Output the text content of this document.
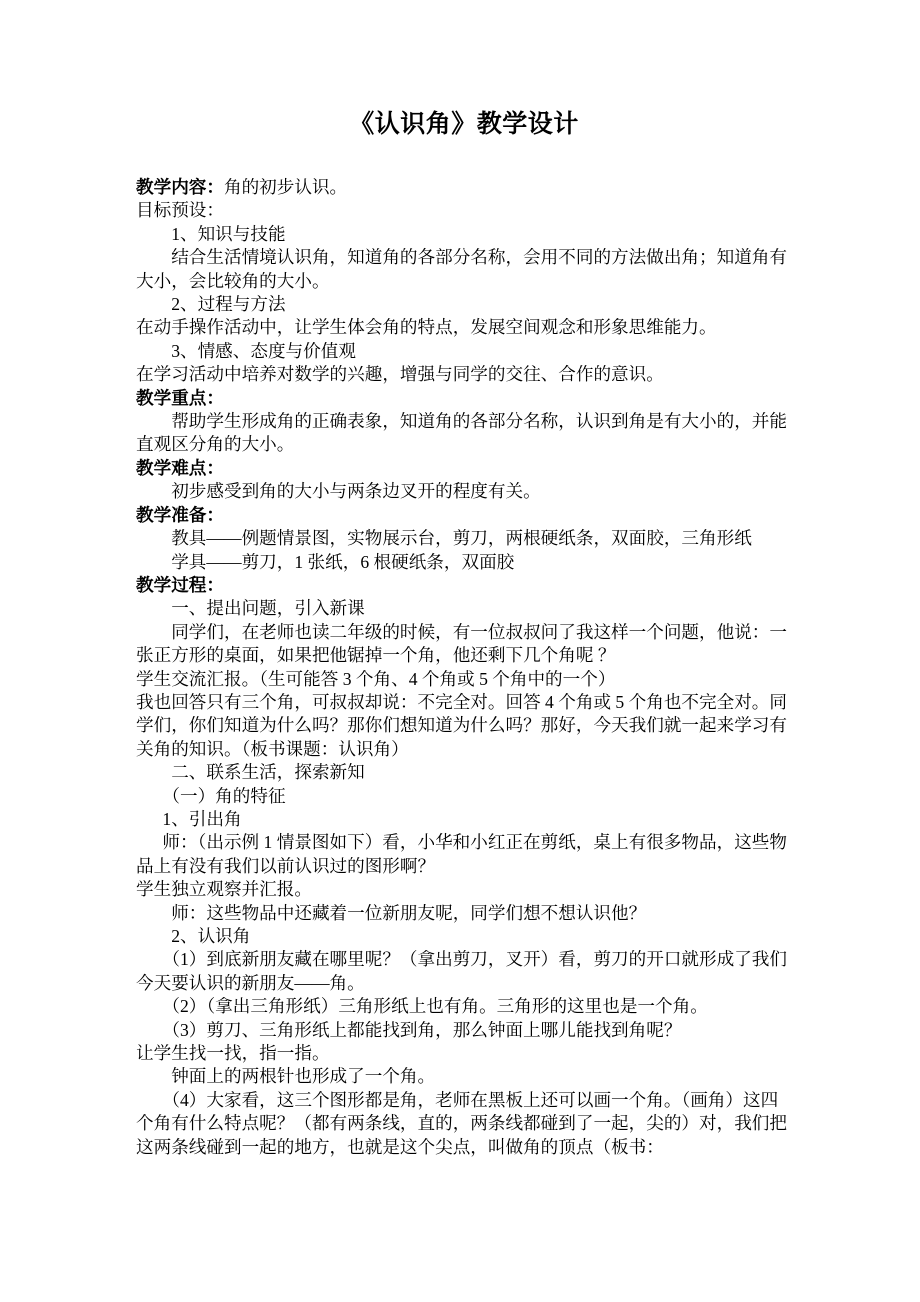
《认识角》教学设计

教学内容：角的初步认识。

目标预设：

1、知识与技能

结合生活情境认识角，知道角的各部分名称，会用不同的方法做出角；知道角有大小，会比较角的大小。

2、过程与方法

在动手操作活动中，让学生体会角的特点，发展空间观念和形象思维能力。

3、情感、态度与价值观

在学习活动中培养对数学的兴趣，增强与同学的交往、合作的意识。

教学重点：

帮助学生形成角的正确表象，知道角的各部分名称，认识到角是有大小的，并能直观区分角的大小。

教学难点：

初步感受到角的大小与两条边叉开的程度有关。

教学准备：

教具——例题情景图，实物展示台，剪刀，两根硬纸条，双面胶，三角形纸

学具——剪刀，1 张纸，6 根硬纸条，双面胶

教学过程：

一、提出问题，引入新课

同学们，在老师也读二年级的时候，有一位叔叔问了我这样一个问题，他说：一张正方形的桌面，如果把他锯掉一个角，他还剩下几个角呢 ？

学生交流汇报。（生可能答 3 个角、4 个角或 5 个角中的一个）

我也回答只有三个角，可叔叔却说：不完全对。回答 4 个角或 5 个角也不完全对。同学们，你们知道为什么吗？那你们想知道为什么吗？那好，今天我们就一起来学习有关角的知识。（板书课题：认识角）

二、联系生活，探索新知

（一）角的特征

1、引出角

师：（出示例 1 情景图如下）看，小华和小红正在剪纸，桌上有很多物品，这些物品上有没有我们以前认识过的图形啊？

学生独立观察并汇报。

师：这些物品中还藏着一位新朋友呢，同学们想不想认识他？

2、认识角

（1）到底新朋友藏在哪里呢？（拿出剪刀，叉开）看，剪刀的开口就形成了我们今天要认识的新朋友——角。

（2）（拿出三角形纸）三角形纸上也有角。三角形的这里也是一个角。

（3）剪刀、三角形纸上都能找到角，那么钟面上哪儿能找到角呢？

让学生找一找，指一指。

钟面上的两根针也形成了一个角。

（4）大家看，这三个图形都是角，老师在黑板上还可以画一个角。（画角）这四个角有什么特点呢？（都有两条线，直的，两条线都碰到了一起，尖的）对，我们把这两条线碰到一起的地方，也就是这个尖点，叫做角的顶点（板书：
